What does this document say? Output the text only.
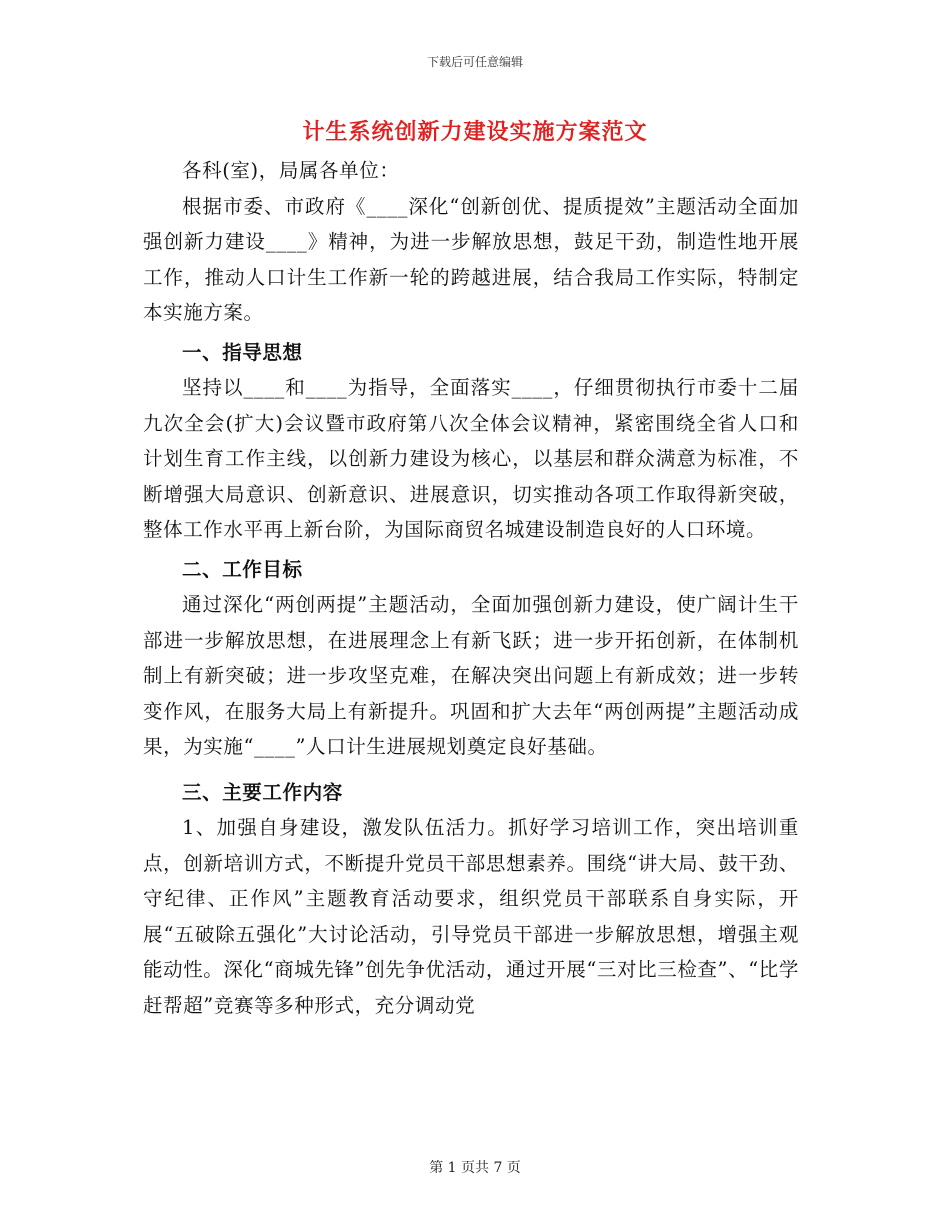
下载后可任意编辑
计生系统创新力建设实施方案范文

各科(室)，局属各单位：

根据市委、市政府《____深化“创新创优、提质提效”主题活动全面加强创新力建设____》精神，为进一步解放思想，鼓足干劲，制造性地开展工作，推动人口计生工作新一轮的跨越进展，结合我局工作实际，特制定本实施方案。

一、指导思想

坚持以____和____为指导，全面落实____，仔细贯彻执行市委十二届九次全会(扩大)会议暨市政府第八次全体会议精神，紧密围绕全省人口和计划生育工作主线，以创新力建设为核心，以基层和群众满意为标准，不断增强大局意识、创新意识、进展意识，切实推动各项工作取得新突破，整体工作水平再上新台阶，为国际商贸名城建设制造良好的人口环境。

二、工作目标

通过深化“两创两提”主题活动，全面加强创新力建设，使广阔计生干部进一步解放思想，在进展理念上有新飞跃；进一步开拓创新，在体制机制上有新突破；进一步攻坚克难，在解决突出问题上有新成效；进一步转变作风，在服务大局上有新提升。巩固和扩大去年“两创两提”主题活动成果，为实施“____”人口计生进展规划奠定良好基础。

三、主要工作内容

1、加强自身建设，激发队伍活力。抓好学习培训工作，突出培训重点，创新培训方式，不断提升党员干部思想素养。围绕“讲大局、鼓干劲、守纪律、正作风”主题教育活动要求，组织党员干部联系自身实际，开展“五破除五强化”大讨论活动，引导党员干部进一步解放思想，增强主观能动性。深化“商城先锋”创先争优活动，通过开展“三对比三检查”、“比学赶帮超”竞赛等多种形式，充分调动党

第 1 页共 7 页
